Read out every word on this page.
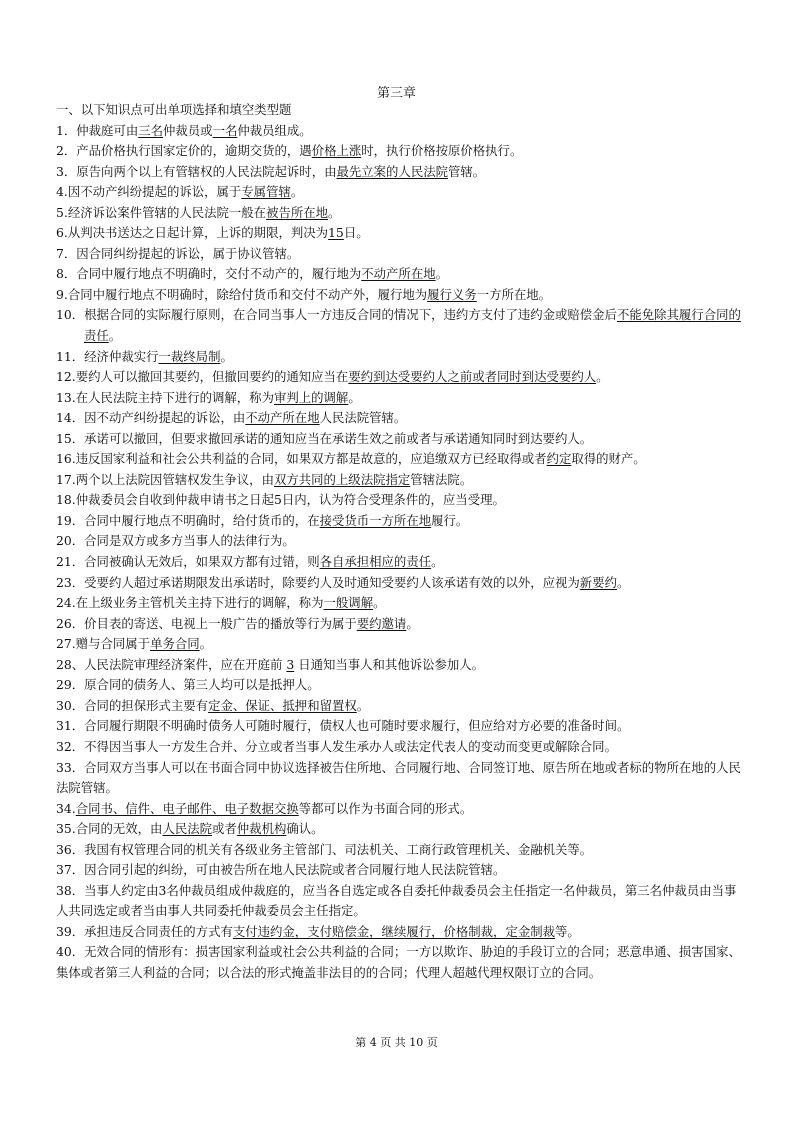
第三章

一、以下知识点可出单项选择和填空类型题

1．仲裁庭可由三名仲裁员或一名仲裁员组成。

2．产品价格执行国家定价的，逾期交货的，遇价格上涨时，执行价格按原价格执行。

3．原告向两个以上有管辖权的人民法院起诉时，由最先立案的人民法院管辖。

4.因不动产纠纷提起的诉讼，属于专属管辖。

5.经济诉讼案件管辖的人民法院一般在被告所在地。

6.从判决书送达之日起计算，上诉的期限，判决为15日。

7．因合同纠纷提起的诉讼，属于协议管辖。

8．合同中履行地点不明确时，交付不动产的，履行地为不动产所在地。

9.合同中履行地点不明确时，除给付货币和交付不动产外，履行地为履行义务一方所在地。

10．根据合同的实际履行原则，在合同当事人一方违反合同的情况下，违约方支付了违约金或赔偿金后不能免除其履行合同的责任。

11．经济仲裁实行一裁终局制。

12.要约人可以撤回其要约，但撤回要约的通知应当在要约到达受要约人之前或者同时到达受要约人。

13.在人民法院主持下进行的调解，称为审判上的调解。

14．因不动产纠纷提起的诉讼，由不动产所在地人民法院管辖。

15．承诺可以撤回，但要求撤回承诺的通知应当在承诺生效之前或者与承诺通知同时到达要约人。

16.违反国家利益和社会公共利益的合同，如果双方都是故意的，应追缴双方已经取得或者约定取得的财产。

17.两个以上法院因管辖权发生争议，由双方共同的上级法院指定管辖法院。

18.仲裁委员会自收到仲裁申请书之日起5日内，认为符合受理条件的，应当受理。

19．合同中履行地点不明确时，给付货币的，在接受货币一方所在地履行。

20．合同是双方或多方当事人的法律行为。

21．合同被确认无效后，如果双方都有过错，则各自承担相应的责任。

23．受要约人超过承诺期限发出承诺时，除要约人及时通知受要约人该承诺有效的以外，应视为新要约。

24.在上级业务主管机关主持下进行的调解，称为一般调解。

26．价目表的寄送、电视上一般广告的播放等行为属于要约邀请。

27.赠与合同属于单务合同。

28、人民法院审理经济案件，应在开庭前 3 日通知当事人和其他诉讼参加人。

29．原合同的债务人、第三人均可以是抵押人。

30．合同的担保形式主要有定金、保证、抵押和留置权。

31．合同履行期限不明确时债务人可随时履行，债权人也可随时要求履行，但应给对方必要的准备时间。

32．不得因当事人一方发生合并、分立或者当事人发生承办人或法定代表人的变动而变更或解除合同。

33．合同双方当事人可以在书面合同中协议选择被告住所地、合同履行地、合同签订地、原告所在地或者标的物所在地的人民法院管辖。

34.合同书、信件、电子邮件、电子数据交换等都可以作为书面合同的形式。

35.合同的无效，由人民法院或者仲裁机构确认。

36．我国有权管理合同的机关有各级业务主管部门、司法机关、工商行政管理机关、金融机关等。

37．因合同引起的纠纷，可由被告所在地人民法院或者合同履行地人民法院管辖。

38．当事人约定由3名仲裁员组成仲裁庭的，应当各自选定或各自委托仲裁委员会主任指定一名仲裁员，第三名仲裁员由当事人共同选定或者当由事人共同委托仲裁委员会主任指定。

39．承担违反合同责任的方式有支付违约金，支付赔偿金，继续履行，价格制裁，定金制裁等。

40．无效合同的情形有：损害国家利益或社会公共利益的合同；一方以欺诈、胁迫的手段订立的合同；恶意串通、损害国家、集体或者第三人利益的合同；以合法的形式掩盖非法目的的合同；代理人超越代理权限订立的合同。

第 4 页 共 10 页
